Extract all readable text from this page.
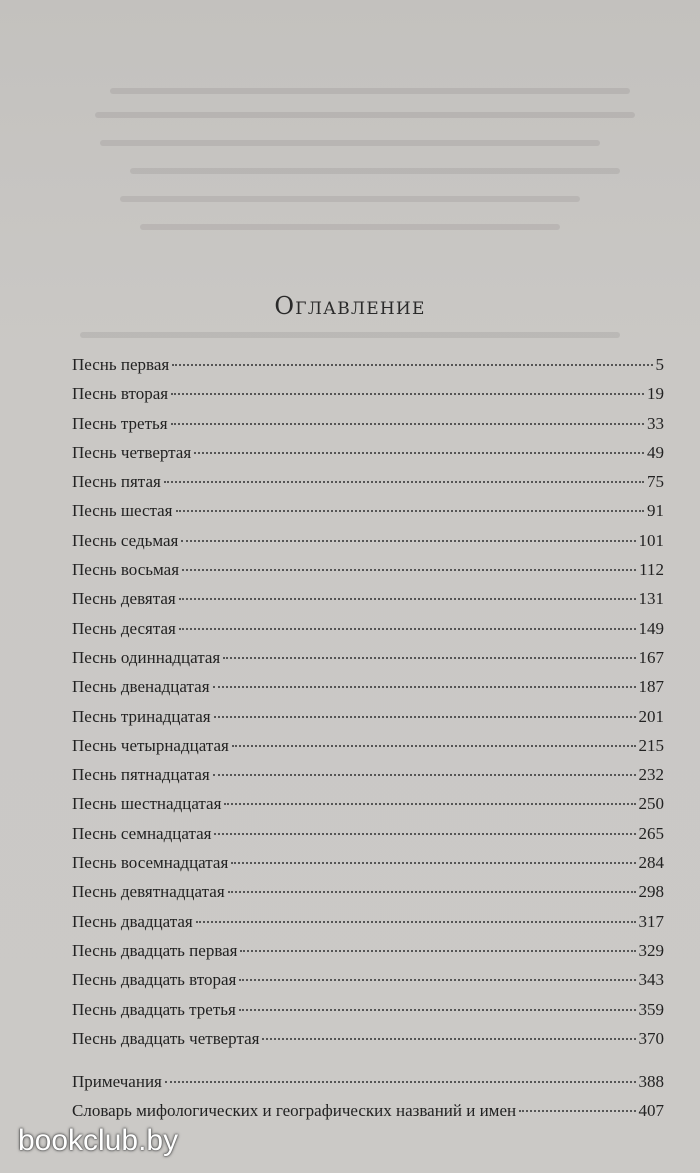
Оглавление
Песнь первая	5
Песнь вторая	19
Песнь третья	33
Песнь четвертая	49
Песнь пятая	75
Песнь шестая	91
Песнь седьмая	101
Песнь восьмая	112
Песнь девятая	131
Песнь десятая	149
Песнь одиннадцатая	167
Песнь двенадцатая	187
Песнь тринадцатая	201
Песнь четырнадцатая	215
Песнь пятнадцатая	232
Песнь шестнадцатая	250
Песнь семнадцатая	265
Песнь восемнадцатая	284
Песнь девятнадцатая	298
Песнь двадцатая	317
Песнь двадцать первая	329
Песнь двадцать вторая	343
Песнь двадцать третья	359
Песнь двадцать четвертая	370
Примечания	388
Словарь мифологических и географических названий и имен	407
bookclub.by
